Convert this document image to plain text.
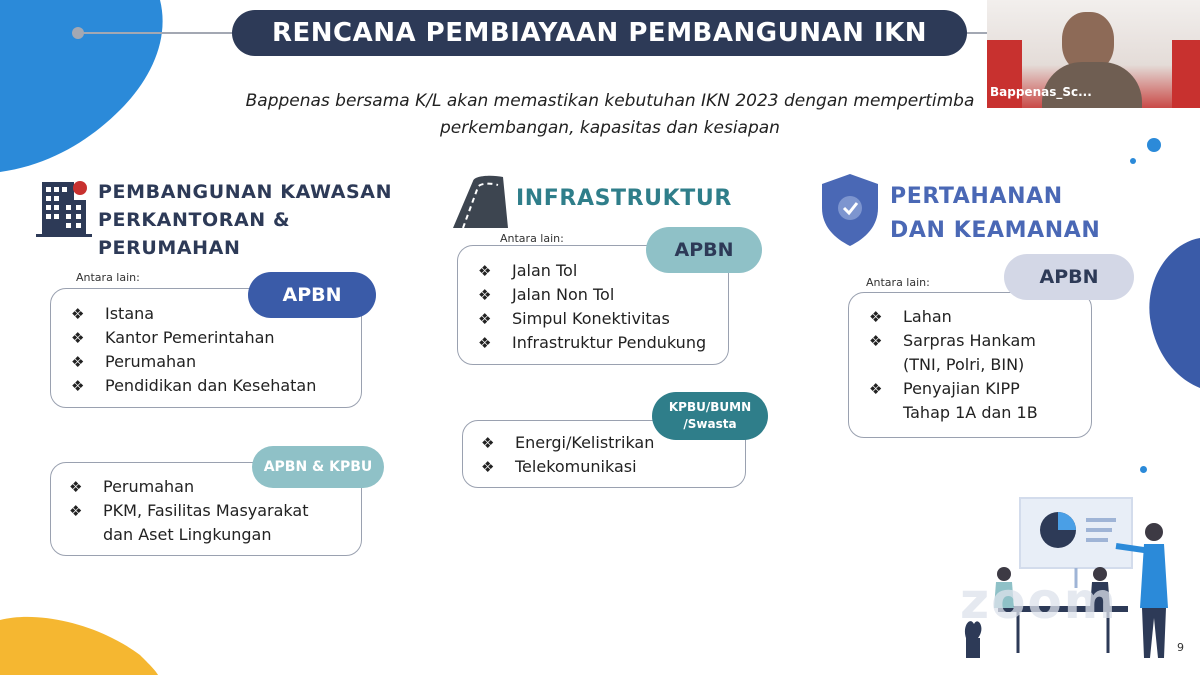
RENCANA PEMBIAYAAN PEMBANGUNAN IKN
Bappenas bersama K/L akan memastikan kebutuhan IKN 2023 dengan mempertimba
perkembangan, kapasitas dan kesiapan
Bappenas_Sc...
PEMBANGUNAN KAWASAN
PERKANTORAN &
PERUMAHAN
Antara lain:
❖ Istana
❖ Kantor Pemerintahan
❖ Perumahan
❖ Pendidikan dan Kesehatan
APBN
❖ Perumahan
❖ PKM, Fasilitas Masyarakat
dan Aset Lingkungan
APBN & KPBU
INFRASTRUKTUR
Antara lain:
❖ Jalan Tol
❖ Jalan Non Tol
❖ Simpul Konektivitas
❖ Infrastruktur Pendukung
APBN
❖ Energi/Kelistrikan
❖ Telekomunikasi
KPBU/BUMN
/Swasta
PERTAHANAN
DAN KEAMANAN
Antara lain:
❖ Lahan
❖ Sarpras Hankam
(TNI, Polri, BIN)
❖ Penyajian KIPP
Tahap 1A dan 1B
APBN
zoom
9
